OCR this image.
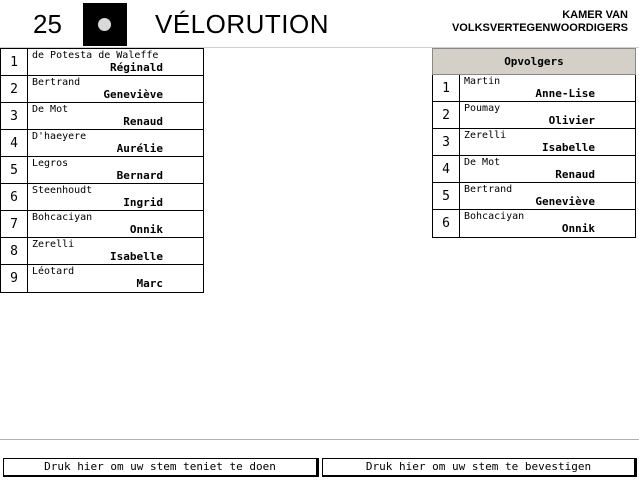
25	VÉLORUTION	KAMER VAN
VOLKSVERTEGENWOORDIGERS
1	de Potesta de Waleffe
Réginald
2	Bertrand
Geneviève
3	De Mot
Renaud
4	D'haeyere
Aurélie
5	Legros
Bernard
6	Steenhoudt
Ingrid
7	Bohcaciyan
Onnik
8	Zerelli
Isabelle
9	Léotard
Marc
Opvolgers
1	Martin
Anne-Lise
2	Poumay
Olivier
3	Zerelli
Isabelle
4	De Mot
Renaud
5	Bertrand
Geneviève
6	Bohcaciyan
Onnik
Druk hier om uw stem teniet te doen	Druk hier om uw stem te bevestigen
